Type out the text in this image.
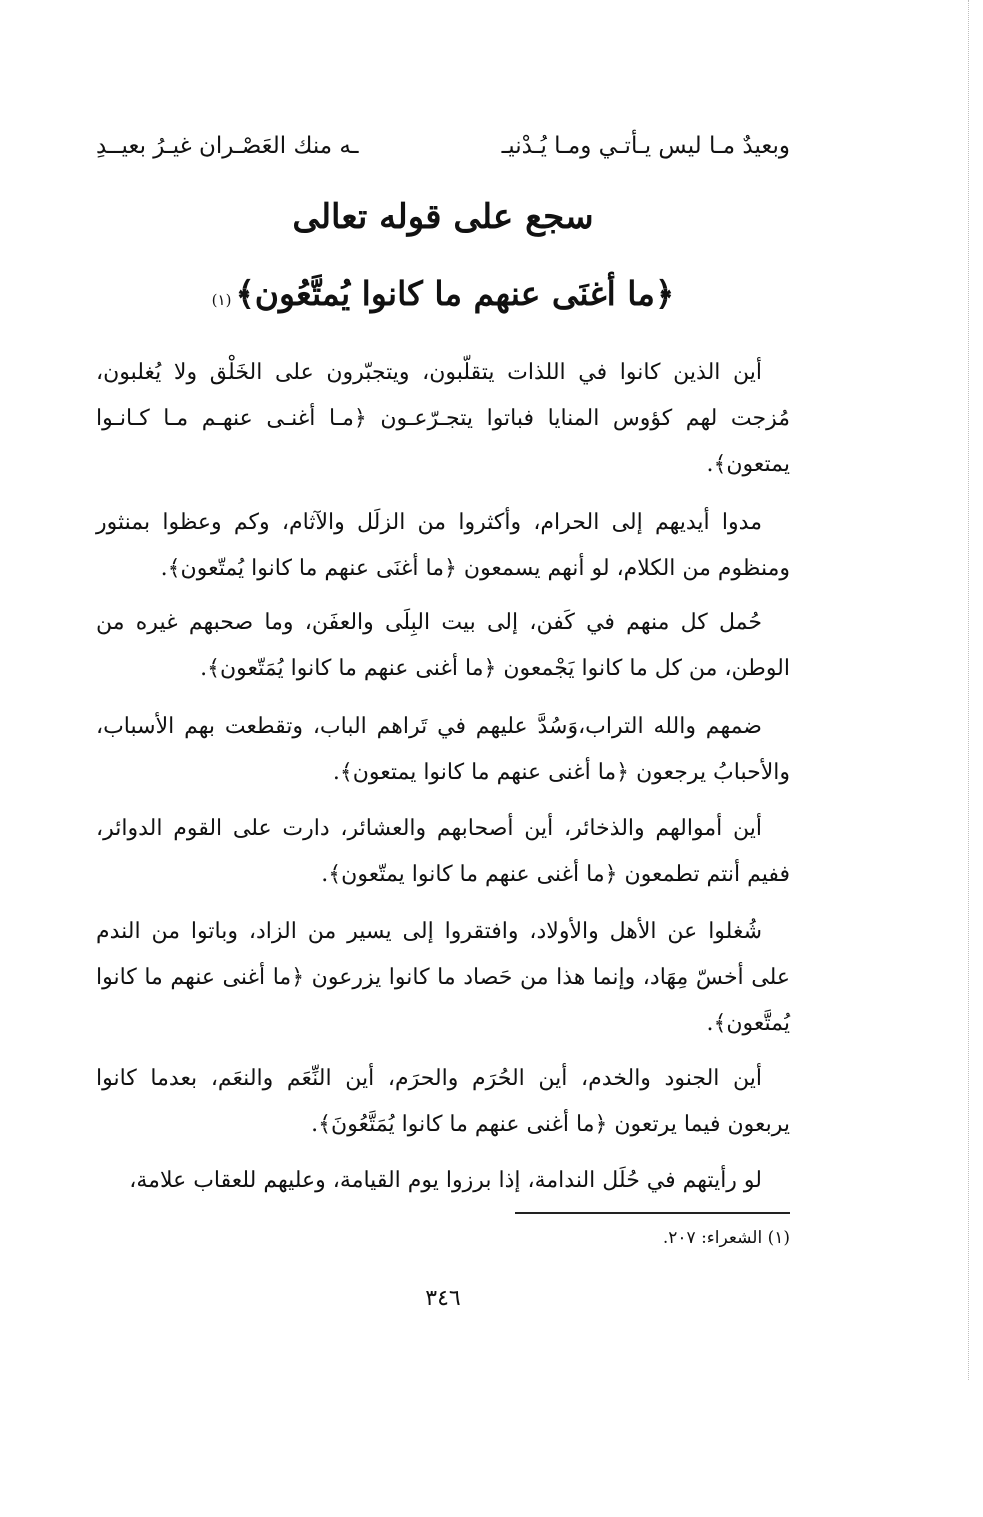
وبعيدٌ مـا ليس يـأتـي ومـا يُـدْنيـ
ـه منك العَصْـران غيـرُ بعيــدِ
سجع على قوله تعالى
﴿ما أغنَى عنهم ما كانوا يُمتَّعُون﴾$^{(١)}$

أين الذين كانوا في اللذات يتقلّبون، ويتجبّرون على الخَلْق ولا يُغلبون، مُزجت لهم كؤوس المنايا فباتوا يتجـرّعـون ﴿مـا أغنـى عنهـم مـا كـانـوا يمتعون﴾.

مدوا أيديهم إلى الحرام، وأكثروا من الزلَل والآثام، وكم وعظوا بمنثور ومنظوم من الكلام، لو أنهم يسمعون ﴿ما أغنَى عنهم ما كانوا يُمتّعون﴾.

حُمل كل منهم في كَفن، إلى بيت البِلَى والعفَن، وما صحبهم غيره من الوطن، من كل ما كانوا يَجْمعون ﴿ما أغنى عنهم ما كانوا يُمَتّعون﴾.

ضمهم والله التراب،وَسُدَّ عليهم في تَراهم الباب، وتقطعت بهم الأسباب، والأحبابُ يرجعون ﴿ما أغنى عنهم ما كانوا يمتعون﴾.

أين أموالهم والذخائر، أين أصحابهم والعشائر، دارت على القوم الدوائر، ففيم أنتم تطمعون ﴿ما أغنى عنهم ما كانوا يمتّعون﴾.

شُغلوا عن الأهل والأولاد، وافتقروا إلى يسير من الزاد، وباتوا من الندم على أخسّ مِهَاد، وإنما هذا من حَصاد ما كانوا يزرعون ﴿ما أغنى عنهم ما كانوا يُمتَّعون﴾.

أين الجنود والخدم، أين الحُرَم والحرَم، أين النِّعَم والنعَم، بعدما كانوا يربعون فيما يرتعون ﴿ما أغنى عنهم ما كانوا يُمَتَّعُونَ﴾.

لو رأيتهم في حُلَل الندامة، إذا برزوا يوم القيامة، وعليهم للعقاب علامة،

(١) الشعراء: ٢٠٧.
٣٤٦
